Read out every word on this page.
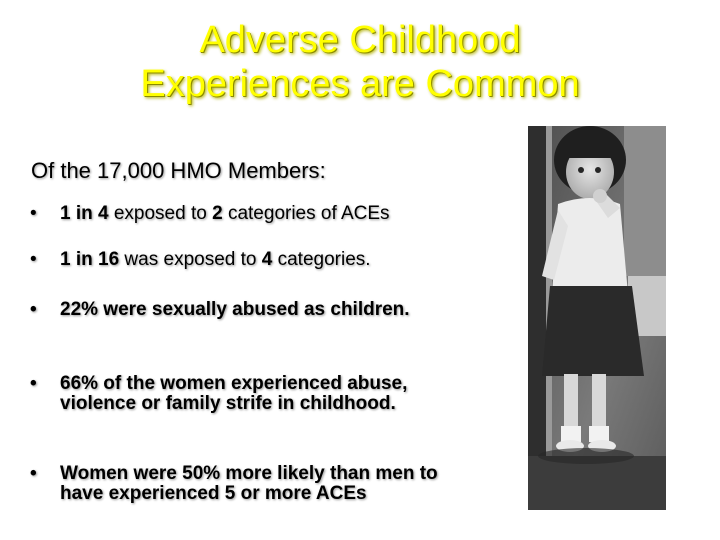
Adverse Childhood
Experiences are Common
Of the 17,000 HMO Members:
• 1 in 4 exposed to 2 categories of ACEs
• 1 in 16 was exposed to 4 categories.
• 22% were sexually abused as children.
• 66% of the women experienced abuse, violence or family strife in childhood.
• Women were 50% more likely than men to have experienced 5 or more ACEs
